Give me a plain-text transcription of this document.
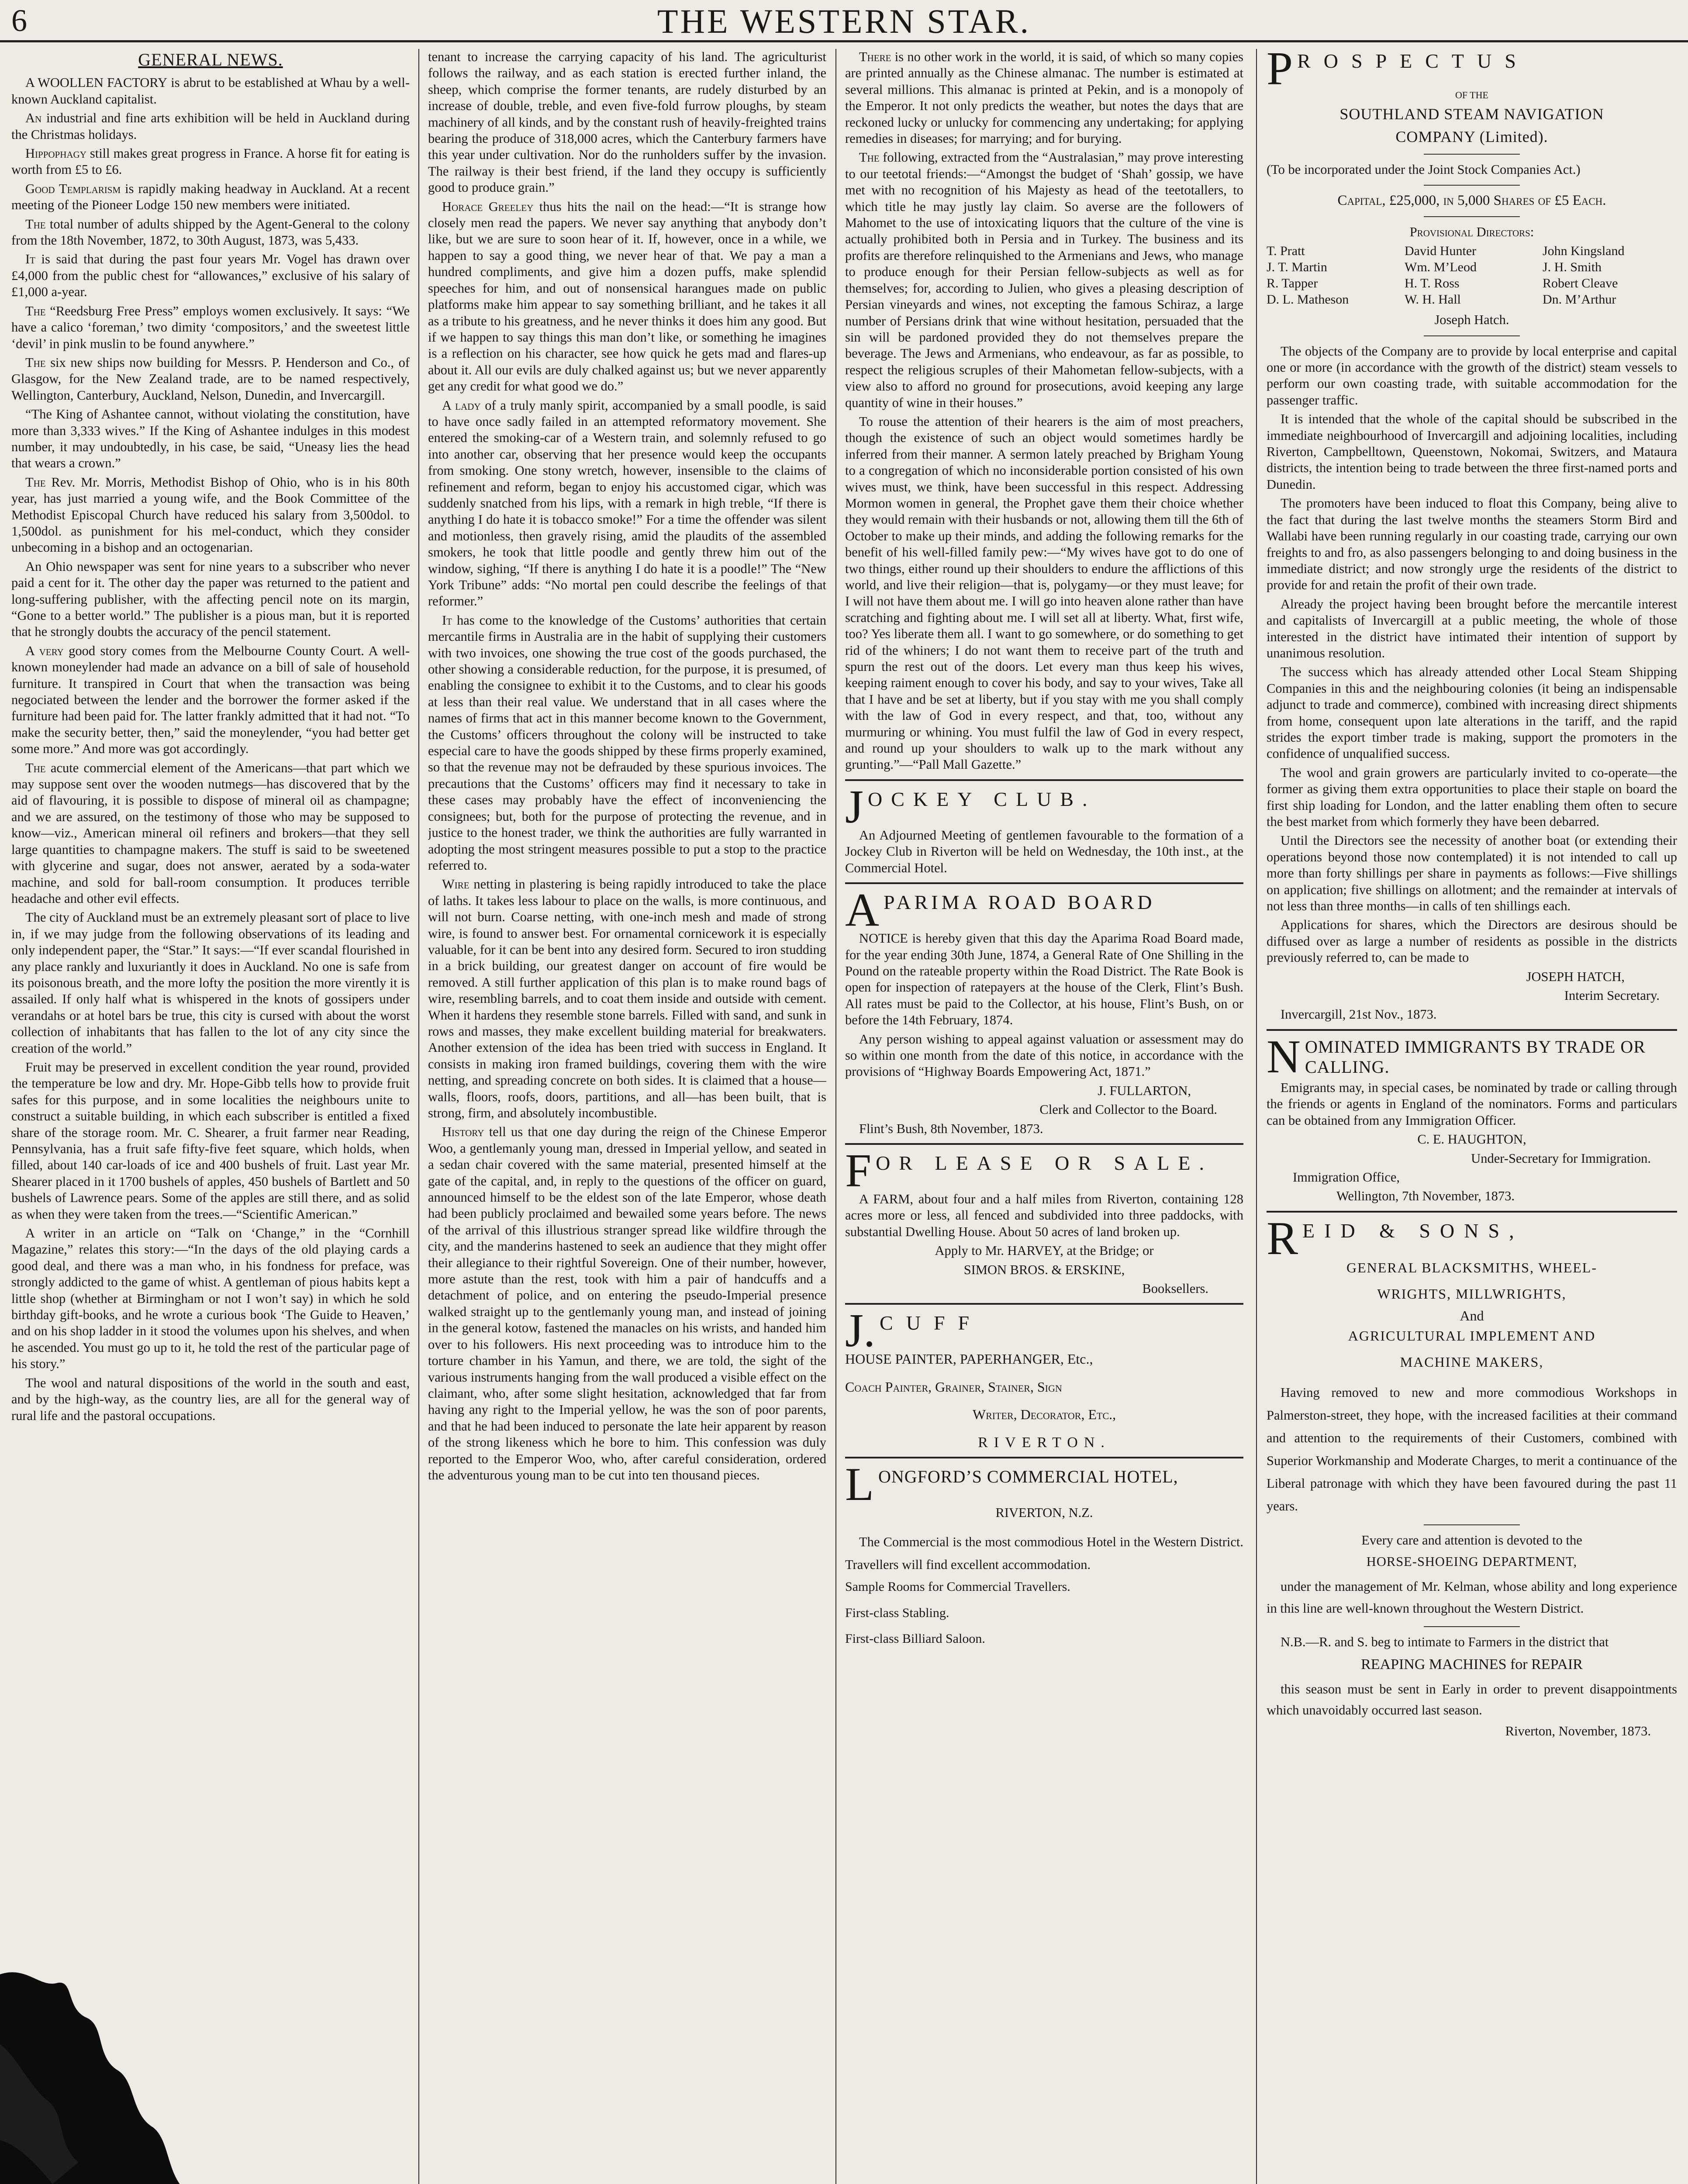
6	THE WESTERN STAR.
GENERAL NEWS.

A WOOLLEN FACTORY is abrut to be established at Whau by a well-known Auckland capitalist.

An industrial and fine arts exhibition will be held in Auckland during the Christmas holidays.

Hippophagy still makes great progress in France. A horse fit for eating is worth from £5 to £6.

Good Templarism is rapidly making headway in Auckland. At a recent meeting of the Pioneer Lodge 150 new members were initiated.

The total number of adults shipped by the Agent-General to the colony from the 18th November, 1872, to 30th August, 1873, was 5,433.

It is said that during the past four years Mr. Vogel has drawn over £4,000 from the public chest for “allowances,” exclusive of his salary of £1,000 a-year.

The “Reedsburg Free Press” employs women exclusively. It says: “We have a calico ‘foreman,’ two dimity ‘compositors,’ and the sweetest little ‘devil’ in pink muslin to be found anywhere.”

The six new ships now building for Messrs. P. Henderson and Co., of Glasgow, for the New Zealand trade, are to be named respectively, Wellington, Canterbury, Auckland, Nelson, Dunedin, and Invercargill.

“The King of Ashantee cannot, without violating the constitution, have more than 3,333 wives.” If the King of Ashantee indulges in this modest number, it may undoubtedly, in his case, be said, “Uneasy lies the head that wears a crown.”

The Rev. Mr. Morris, Methodist Bishop of Ohio, who is in his 80th year, has just married a young wife, and the Book Committee of the Methodist Episcopal Church have reduced his salary from 3,500dol. to 1,500dol. as punishment for his mel-conduct, which they consider unbecoming in a bishop and an octogenarian.

An Ohio newspaper was sent for nine years to a subscriber who never paid a cent for it. The other day the paper was returned to the patient and long-suffering publisher, with the affecting pencil note on its margin, “Gone to a better world.” The publisher is a pious man, but it is reported that he strongly doubts the accuracy of the pencil statement.

A very good story comes from the Melbourne County Court. A well-known moneylender had made an advance on a bill of sale of household furniture. It transpired in Court that when the transaction was being negociated between the lender and the borrower the former asked if the furniture had been paid for. The latter frankly admitted that it had not. “To make the security better, then,” said the moneylender, “you had better get some more.” And more was got accordingly.

The acute commercial element of the Americans—that part which we may suppose sent over the wooden nutmegs—has discovered that by the aid of flavouring, it is possible to dispose of mineral oil as champagne; and we are assured, on the testimony of those who may be supposed to know—viz., American mineral oil refiners and brokers—that they sell large quantities to champagne makers. The stuff is said to be sweetened with glycerine and sugar, does not answer, aerated by a soda-water machine, and sold for ball-room consumption. It produces terrible headache and other evil effects.

The city of Auckland must be an extremely pleasant sort of place to live in, if we may judge from the following observations of its leading and only independent paper, the “Star.” It says:—“If ever scandal flourished in any place rankly and luxuriantly it does in Auckland. No one is safe from its poisonous breath, and the more lofty the position the more virently it is assailed. If only half what is whispered in the knots of gossipers under verandahs or at hotel bars be true, this city is cursed with about the worst collection of inhabitants that has fallen to the lot of any city since the creation of the world.”

Fruit may be preserved in excellent condition the year round, provided the temperature be low and dry. Mr. Hope-Gibb tells how to provide fruit safes for this purpose, and in some localities the neighbours unite to construct a suitable building, in which each subscriber is entitled a fixed share of the storage room. Mr. C. Shearer, a fruit farmer near Reading, Pennsylvania, has a fruit safe fifty-five feet square, which holds, when filled, about 140 car-loads of ice and 400 bushels of fruit. Last year Mr. Shearer placed in it 1700 bushels of apples, 450 bushels of Bartlett and 50 bushels of Lawrence pears. Some of the apples are still there, and as solid as when they were taken from the trees.—“Scientific American.”

A writer in an article on “Talk on ‘Change,” in the “Cornhill Magazine,” relates this story:—“In the days of the old playing cards a good deal, and there was a man who, in his fondness for preface, was strongly addicted to the game of whist. A gentleman of pious habits kept a little shop (whether at Birmingham or not I won’t say) in which he sold birthday gift-books, and he wrote a curious book ‘The Guide to Heaven,’ and on his shop ladder in it stood the volumes upon his shelves, and when he ascended. You must go up to it, he told the rest of the particular page of his story.”

The wool and natural dispositions of the world in the south and east, and by the high-way, as the country lies, are all for the general way of rural life and the pastoral occupations.

tenant to increase the carrying capacity of his land. The agriculturist follows the railway, and as each station is erected further inland, the sheep, which comprise the former tenants, are rudely disturbed by an increase of double, treble, and even five-fold furrow ploughs, by steam machinery of all kinds, and by the constant rush of heavily-freighted trains bearing the produce of 318,000 acres, which the Canterbury farmers have this year under cultivation. Nor do the runholders suffer by the invasion. The railway is their best friend, if the land they occupy is sufficiently good to produce grain.”

Horace Greeley thus hits the nail on the head:—“It is strange how closely men read the papers. We never say anything that anybody don’t like, but we are sure to soon hear of it. If, however, once in a while, we happen to say a good thing, we never hear of that. We pay a man a hundred compliments, and give him a dozen puffs, make splendid speeches for him, and out of nonsensical harangues made on public platforms make him appear to say something brilliant, and he takes it all as a tribute to his greatness, and he never thinks it does him any good. But if we happen to say things this man don’t like, or something he imagines is a reflection on his character, see how quick he gets mad and flares-up about it. All our evils are duly chalked against us; but we never apparently get any credit for what good we do.”

A lady of a truly manly spirit, accompanied by a small poodle, is said to have once sadly failed in an attempted reformatory movement. She entered the smoking-car of a Western train, and solemnly refused to go into another car, observing that her presence would keep the occupants from smoking. One stony wretch, however, insensible to the claims of refinement and reform, began to enjoy his accustomed cigar, which was suddenly snatched from his lips, with a remark in high treble, “If there is anything I do hate it is tobacco smoke!” For a time the offender was silent and motionless, then gravely rising, amid the plaudits of the assembled smokers, he took that little poodle and gently threw him out of the window, sighing, “If there is anything I do hate it is a poodle!” The “New York Tribune” adds: “No mortal pen could describe the feelings of that reformer.”

It has come to the knowledge of the Customs’ authorities that certain mercantile firms in Australia are in the habit of supplying their customers with two invoices, one showing the true cost of the goods purchased, the other showing a considerable reduction, for the purpose, it is presumed, of enabling the consignee to exhibit it to the Customs, and to clear his goods at less than their real value. We understand that in all cases where the names of firms that act in this manner become known to the Government, the Customs’ officers throughout the colony will be instructed to take especial care to have the goods shipped by these firms properly examined, so that the revenue may not be defrauded by these spurious invoices. The precautions that the Customs’ officers may find it necessary to take in these cases may probably have the effect of inconveniencing the consignees; but, both for the purpose of protecting the revenue, and in justice to the honest trader, we think the authorities are fully warranted in adopting the most stringent measures possible to put a stop to the practice referred to.

Wire netting in plastering is being rapidly introduced to take the place of laths. It takes less labour to place on the walls, is more continuous, and will not burn. Coarse netting, with one-inch mesh and made of strong wire, is found to answer best. For ornamental cornicework it is especially valuable, for it can be bent into any desired form. Secured to iron studding in a brick building, our greatest danger on account of fire would be removed. A still further application of this plan is to make round bags of wire, resembling barrels, and to coat them inside and outside with cement. When it hardens they resemble stone barrels. Filled with sand, and sunk in rows and masses, they make excellent building material for breakwaters. Another extension of the idea has been tried with success in England. It consists in making iron framed buildings, covering them with the wire netting, and spreading concrete on both sides. It is claimed that a house—walls, floors, roofs, doors, partitions, and all—has been built, that is strong, firm, and absolutely incombustible.

History tell us that one day during the reign of the Chinese Emperor Woo, a gentlemanly young man, dressed in Imperial yellow, and seated in a sedan chair covered with the same material, presented himself at the gate of the capital, and, in reply to the questions of the officer on guard, announced himself to be the eldest son of the late Emperor, whose death had been publicly proclaimed and bewailed some years before. The news of the arrival of this illustrious stranger spread like wildfire through the city, and the manderins hastened to seek an audience that they might offer their allegiance to their rightful Sovereign. One of their number, however, more astute than the rest, took with him a pair of handcuffs and a detachment of police, and on entering the pseudo-Imperial presence walked straight up to the gentlemanly young man, and instead of joining in the general kotow, fastened the manacles on his wrists, and handed him over to his followers. His next proceeding was to introduce him to the torture chamber in his Yamun, and there, we are told, the sight of the various instruments hanging from the wall produced a visible effect on the claimant, who, after some slight hesitation, acknowledged that far from having any right to the Imperial yellow, he was the son of poor parents, and that he had been induced to personate the late heir apparent by reason of the strong likeness which he bore to him. This confession was duly reported to the Emperor Woo, who, after careful consideration, ordered the adventurous young man to be cut into ten thousand pieces.

There is no other work in the world, it is said, of which so many copies are printed annually as the Chinese almanac. The number is estimated at several millions. This almanac is printed at Pekin, and is a monopoly of the Emperor. It not only predicts the weather, but notes the days that are reckoned lucky or unlucky for commencing any undertaking; for applying remedies in diseases; for marrying; and for burying.

The following, extracted from the “Australasian,” may prove interesting to our teetotal friends:—“Amongst the budget of ‘Shah’ gossip, we have met with no recognition of his Majesty as head of the teetotallers, to which title he may justly lay claim. So averse are the followers of Mahomet to the use of intoxicating liquors that the culture of the vine is actually prohibited both in Persia and in Turkey. The business and its profits are therefore relinquished to the Armenians and Jews, who manage to produce enough for their Persian fellow-subjects as well as for themselves; for, according to Julien, who gives a pleasing description of Persian vineyards and wines, not excepting the famous Schiraz, a large number of Persians drink that wine without hesitation, persuaded that the sin will be pardoned provided they do not themselves prepare the beverage. The Jews and Armenians, who endeavour, as far as possible, to respect the religious scruples of their Mahometan fellow-subjects, with a view also to afford no ground for prosecutions, avoid keeping any large quantity of wine in their houses.”

To rouse the attention of their hearers is the aim of most preachers, though the existence of such an object would sometimes hardly be inferred from their manner. A sermon lately preached by Brigham Young to a congregation of which no inconsiderable portion consisted of his own wives must, we think, have been successful in this respect. Addressing Mormon women in general, the Prophet gave them their choice whether they would remain with their husbands or not, allowing them till the 6th of October to make up their minds, and adding the following remarks for the benefit of his well-filled family pew:—“My wives have got to do one of two things, either round up their shoulders to endure the afflictions of this world, and live their religion—that is, polygamy—or they must leave; for I will not have them about me. I will go into heaven alone rather than have scratching and fighting about me. I will set all at liberty. What, first wife, too? Yes liberate them all. I want to go somewhere, or do something to get rid of the whiners; I do not want them to receive part of the truth and spurn the rest out of the doors. Let every man thus keep his wives, keeping raiment enough to cover his body, and say to your wives, Take all that I have and be set at liberty, but if you stay with me you shall comply with the law of God in every respect, and that, too, without any murmuring or whining. You must fulfil the law of God in every respect, and round up your shoulders to walk up to the mark without any grunting.”—“Pall Mall Gazette.”

JOCKEY CLUB.

An Adjourned Meeting of gentlemen favourable to the formation of a Jockey Club in Riverton will be held on Wednesday, the 10th inst., at the Commercial Hotel.

APARIMA ROAD BOARD

NOTICE is hereby given that this day the Aparima Road Board made, for the year ending 30th June, 1874, a General Rate of One Shilling in the Pound on the rateable property within the Road District. The Rate Book is open for inspection of ratepayers at the house of the Clerk, Flint’s Bush. All rates must be paid to the Collector, at his house, Flint’s Bush, on or before the 14th February, 1874.

Any person wishing to appeal against valuation or assessment may do so within one month from the date of this notice, in accordance with the provisions of “Highway Boards Empowering Act, 1871.”

J. FULLARTON,

Clerk and Collector to the Board.

Flint’s Bush, 8th November, 1873.

FOR LEASE OR SALE.

A FARM, about four and a half miles from Riverton, containing 128 acres more or less, all fenced and subdivided into three paddocks, with substantial Dwelling House. About 50 acres of land broken up.

Apply to Mr. HARVEY, at the Bridge; or

SIMON BROS. & ERSKINE,

Booksellers.

J. CUFF

HOUSE PAINTER, PAPERHANGER, Etc.,

Coach Painter, Grainer, Stainer, Sign

Writer, Decorator, Etc.,

RIVERTON.

LONGFORD’S COMMERCIAL HOTEL,

RIVERTON, N.Z.

The Commercial is the most commodious Hotel in the Western District. Travellers will find excellent accommodation.

Sample Rooms for Commercial Travellers.

First-class Stabling.

First-class Billiard Saloon.

PROSPECTUS

OF THE

SOUTHLAND STEAM NAVIGATION

COMPANY (Limited).

(To be incorporated under the Joint Stock Companies Act.)

Capital, £25,000, in 5,000 Shares of £5 Each.

Provisional Directors:

T. Pratt	David Hunter	John Kingsland
J. T. Martin	Wm. M’Leod	J. H. Smith
R. Tapper	H. T. Ross	Robert Cleave
D. L. Matheson	W. H. Hall	Dn. M’Arthur

Joseph Hatch.

The objects of the Company are to provide by local enterprise and capital one or more (in accordance with the growth of the district) steam vessels to perform our own coasting trade, with suitable accommodation for the passenger traffic.

It is intended that the whole of the capital should be subscribed in the immediate neighbourhood of Invercargill and adjoining localities, including Riverton, Campbelltown, Queenstown, Nokomai, Switzers, and Mataura districts, the intention being to trade between the three first-named ports and Dunedin.

The promoters have been induced to float this Company, being alive to the fact that during the last twelve months the steamers Storm Bird and Wallabi have been running regularly in our coasting trade, carrying our own freights to and fro, as also passengers belonging to and doing business in the immediate district; and now strongly urge the residents of the district to provide for and retain the profit of their own trade.

Already the project having been brought before the mercantile interest and capitalists of Invercargill at a public meeting, the whole of those interested in the district have intimated their intention of support by unanimous resolution.

The success which has already attended other Local Steam Shipping Companies in this and the neighbouring colonies (it being an indispensable adjunct to trade and commerce), combined with increasing direct shipments from home, consequent upon late alterations in the tariff, and the rapid strides the export timber trade is making, support the promoters in the confidence of unqualified success.

The wool and grain growers are particularly invited to co-operate—the former as giving them extra opportunities to place their staple on board the first ship loading for London, and the latter enabling them often to secure the best market from which formerly they have been debarred.

Until the Directors see the necessity of another boat (or extending their operations beyond those now contemplated) it is not intended to call up more than forty shillings per share in payments as follows:—Five shillings on application; five shillings on allotment; and the remainder at intervals of not less than three months—in calls of ten shillings each.

Applications for shares, which the Directors are desirous should be diffused over as large a number of residents as possible in the districts previously referred to, can be made to

JOSEPH HATCH,

Interim Secretary.

Invercargill, 21st Nov., 1873.

NOMINATED IMMIGRANTS BY TRADE OR CALLING.

Emigrants may, in special cases, be nominated by trade or calling through the friends or agents in England of the nominators. Forms and particulars can be obtained from any Immigration Officer.

C. E. HAUGHTON,

Under-Secretary for Immigration.

Immigration Office,

Wellington, 7th November, 1873.

REID & SONS,

GENERAL BLACKSMITHS, WHEEL-

WRIGHTS, MILLWRIGHTS,

And

AGRICULTURAL IMPLEMENT AND

MACHINE MAKERS,

Having removed to new and more commodious Workshops in Palmerston-street, they hope, with the increased facilities at their command and attention to the requirements of their Customers, combined with Superior Workmanship and Moderate Charges, to merit a continuance of the Liberal patronage with which they have been favoured during the past 11 years.

Every care and attention is devoted to the

HORSE-SHOEING DEPARTMENT,

under the management of Mr. Kelman, whose ability and long experience in this line are well-known throughout the Western District.

N.B.—R. and S. beg to intimate to Farmers in the district that

REAPING MACHINES for REPAIR

this season must be sent in Early in order to prevent disappointments which unavoidably occurred last season.

Riverton, November, 1873.
